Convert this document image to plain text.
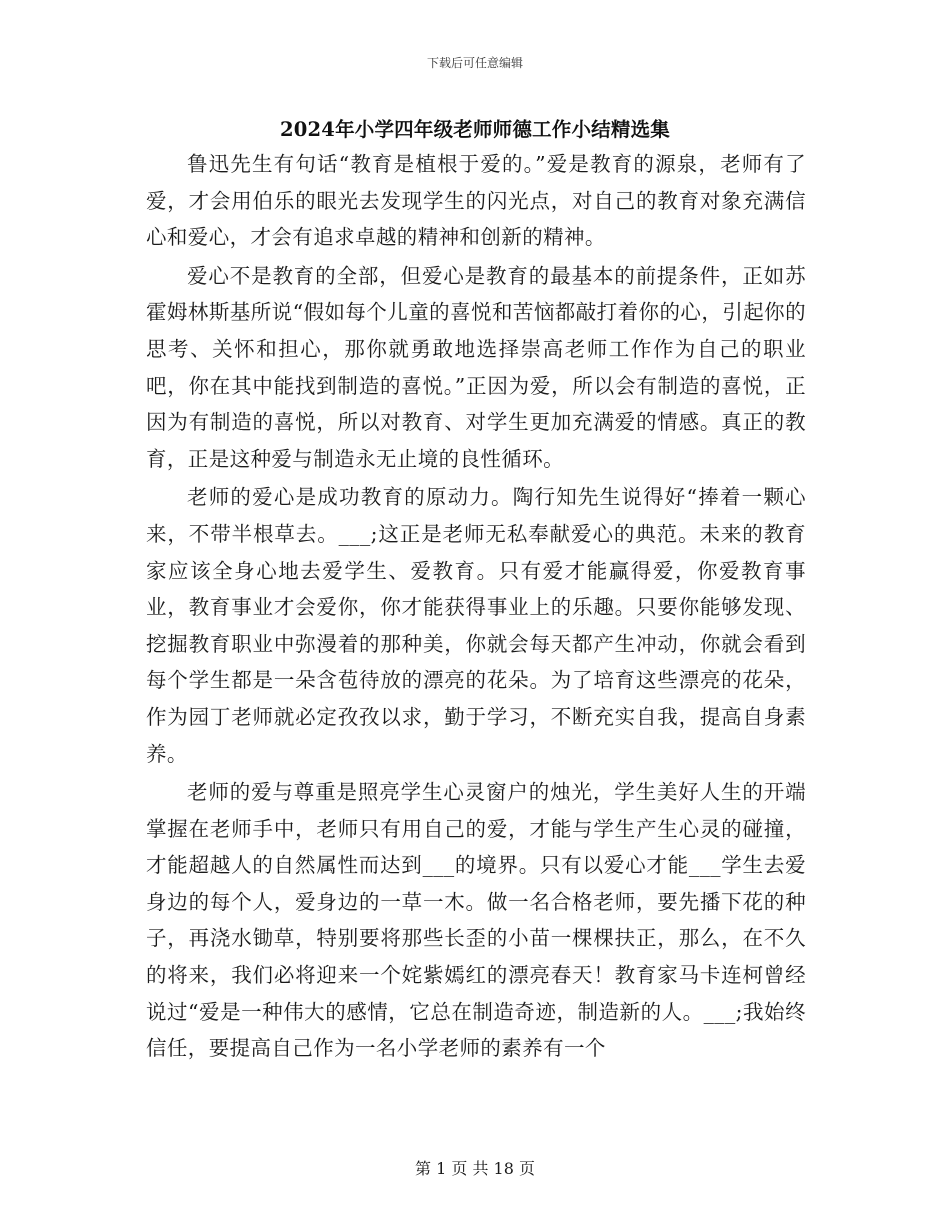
下载后可任意编辑
2024年小学四年级老师师德工作小结精选集

鲁迅先生有句话“教育是植根于爱的。”爱是教育的源泉，老师有了爱，才会用伯乐的眼光去发现学生的闪光点，对自己的教育对象充满信心和爱心，才会有追求卓越的精神和创新的精神。

爱心不是教育的全部，但爱心是教育的最基本的前提条件，正如苏霍姆林斯基所说“假如每个儿童的喜悦和苦恼都敲打着你的心，引起你的思考、关怀和担心，那你就勇敢地选择崇高老师工作作为自己的职业吧，你在其中能找到制造的喜悦。”正因为爱，所以会有制造的喜悦，正因为有制造的喜悦，所以对教育、对学生更加充满爱的情感。真正的教育，正是这种爱与制造永无止境的良性循环。

老师的爱心是成功教育的原动力。陶行知先生说得好“捧着一颗心来，不带半根草去。___;这正是老师无私奉献爱心的典范。未来的教育家应该全身心地去爱学生、爱教育。只有爱才能赢得爱，你爱教育事业，教育事业才会爱你，你才能获得事业上的乐趣。只要你能够发现、挖掘教育职业中弥漫着的那种美，你就会每天都产生冲动，你就会看到每个学生都是一朵含苞待放的漂亮的花朵。为了培育这些漂亮的花朵，作为园丁老师就必定孜孜以求，勤于学习，不断充实自我，提高自身素养。

老师的爱与尊重是照亮学生心灵窗户的烛光，学生美好人生的开端掌握在老师手中，老师只有用自己的爱，才能与学生产生心灵的碰撞，才能超越人的自然属性而达到___的境界。只有以爱心才能___学生去爱身边的每个人，爱身边的一草一木。做一名合格老师，要先播下花的种子，再浇水锄草，特别要将那些长歪的小苗一棵棵扶正，那么，在不久的将来，我们必将迎来一个姹紫嫣红的漂亮春天！教育家马卡连柯曾经说过“爱是一种伟大的感情，它总在制造奇迹，制造新的人。___;我始终信任，要提高自己作为一名小学老师的素养有一个

第 1 页 共 18 页
